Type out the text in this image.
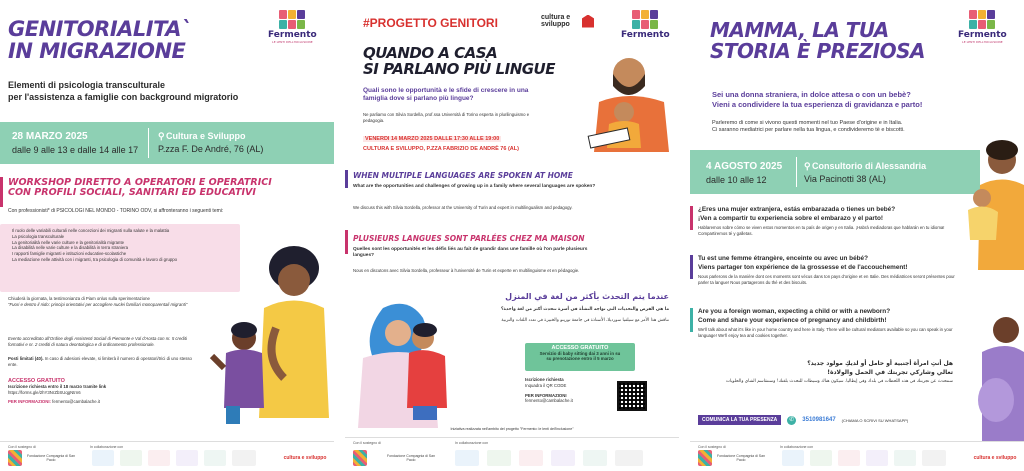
GENITORIALITA`
IN MIGRAZIONE
Fermento
LE LENTI DELL'INCLUSIONE
Elementi di psicologia transculturale
per l'assistenza a famiglie con background migratorio
28 MARZO 2025
dalle 9 alle 13 e dalle 14 alle 17
⚲Cultura e Sviluppo
P.zza F. De André, 76 (AL)
WORKSHOP DIRETTO A OPERATORI E OPERATRICI
CON PROFILI SOCIALI, SANITARI ED EDUCATIVI
Con professionisti* di PSICOLOGI NEL MONDO - TORINO ODV, si affronteranno i seguenti temi:
Il ruolo delle variabili culturali nelle concezioni dei migranti sulla salute e la malattia
La psicologia transculturale
La genitorialità nelle varie culture e la genitorialità migrante
La disabilità nelle varie culture e la disabilità in terra straniera
I rapporti famiglie migranti e istituzioni educative-scolastiche
La mediazione nelle attività con i migranti, tra psicologia di comunità e lavoro di gruppo
Chiuderà la giornata, la testimonianza di Piam onlus sulla sperimentazione
"Fuori e dentro il nido: principi orientativi per accogliere nuclei familiari monoparentali migranti"
Evento accreditato all'Ordine degli Assistenti Sociali di Piemonte e Val d'Aosta con nr. 5 crediti formativi e nr. 2 crediti di natura deontologica e di ordinamento professionale.
Posti limitati (40). In caso di adesioni elevate, si limiterà il numero di operatori/trici di uno stesso ente.
ACCESSO GRATUITO
Iscrizione richiesta entro il 18 marzo tramite link
https://forms.gle/2hY3NrZbSUqgNtrn6
PER INFORMAZIONI: fermento@cambalache.it
Con il sostegno di	In collaborazione con
Fondazione Compagnia di San Paolo	cultura e sviluppo
#PROGETTO GENITORI	cultura e sviluppo
Fermento
QUANDO A CASA
SI PARLANO PIÙ LINGUE
Quali sono le opportunità e le sfide di crescere in una famiglia dove si parlano più lingue?
Ne parliamo con Silvia Sordella, prof.ssa Università di Torino esperta in plurilinguismo e pedagogia.
VENERDI 14 MARZO 2025 DALLE 17:30 ALLE 19:00
CULTURA E SVILUPPO, P.ZZA FABRIZIO DE ANDRÈ 76 (AL)
WHEN MULTIPLE LANGUAGES ARE SPOKEN AT HOME
What are the opportunities and challenges of growing up in a family where several languages are spoken?
We discuss this with Silvia Sordella, professor at the University of Turin and expert in multilingualism and pedagogy.
PLUSIEURS LANGUES SONT PARLÉES CHEZ MA MAISON
Quelles sont les opportunités et les défis liés au fait de grandir dans une famille où l'on parle plusieurs langues?
Nous en discutons avec Silvia Sordella, professeur à l'université de Turin et experte en multilinguisme et en pédagogie.
عندما يتم التحدث بأكثر من لغة في المنزل
ما هي الفرص والتحديات التي تواجه النشأة في أسرة تتحدث أكثر من لغة واحدة؟
نناقش هذا الأمر مع سيلفيا سورديلا، الأستاذة في جامعة تورينو والخبيرة في تعدد اللغات والتربية
ACCESSO GRATUITO
Servizio di baby sitting dai 3 anni in su
su prenotazione entro il 5 marzo
Iscrizione richiesta
Inquadra il QR CODE
PER INFORMAZIONI
fermento@cambalache.it
Iniziativa realizzata nell'ambito del progetto "Fermento: le lenti dell'inclusione"
Con il sostegno di	In collaborazione con
Fondazione Compagnia di San Paolo
MAMMA, LA TUA
STORIA È PREZIOSA
Fermento
LE LENTI DELL'INCLUSIONE
Sei una donna straniera, in dolce attesa o con un bebè?
Vieni a condividere la tua esperienza di gravidanza e parto!
Parleremo di come si vivono questi momenti nel tuo Paese d'origine e in Italia.
Ci saranno mediatrici per parlare nella tua lingua, e condivideremo tè e biscotti.
4 AGOSTO 2025
dalle 10 alle 12
⚲Consultorio di Alessandria
Via Pacinotti 38 (AL)
¿Eres una mujer extranjera, estás embarazada o tienes un bebé?
¡Ven a compartir tu experiencia sobre el embarazo y el parto!
Hablaremos sobre cómo se viven estos momentos en tu país de origen y en Italia. ¡Habrá mediadoras que hablarán en tu idioma! Compartiremos té y galletas.
Tu est une femme étrangère, enceinte ou avec un bébé?
Viens partager ton expérience de la grossesse et de l'accouchement!
Nous parlerons de la manière dont ces moments sont vécus dans ton pays d'origine et en Italie. Des médiatrices seront présentes pour parler ta langue! Nous partagerons du thé et des biscuits.
Are you a foreign woman, expecting a child or with a newborn?
Come and share your experience of pregnancy and childbirth!
We'll talk about what it's like in your home country and here in Italy. There will be cultural mediators available so you can speak in your language! We'll enjoy tea and cookies together.
هل أنتِ امرأة أجنبية أو حامل أو لديكِ مولود جديد؟
تعالي وشاركي تجربتك في الحمل والولادة!
سنتحدث عن تجربتك في هذه اللحظات في بلدك وفي إيطاليا. سيكون هناك وسيطات للتحدث بلغتك! وسنتقاسم الشاي والحلويات
COMUNICA LA TUA PRESENZA	✆	3510981647 (CHIAMA O SCRIVI SU WHATSAPP)
Con il sostegno di	In collaborazione con
Fondazione Compagnia di San Paolo	cultura e sviluppo
